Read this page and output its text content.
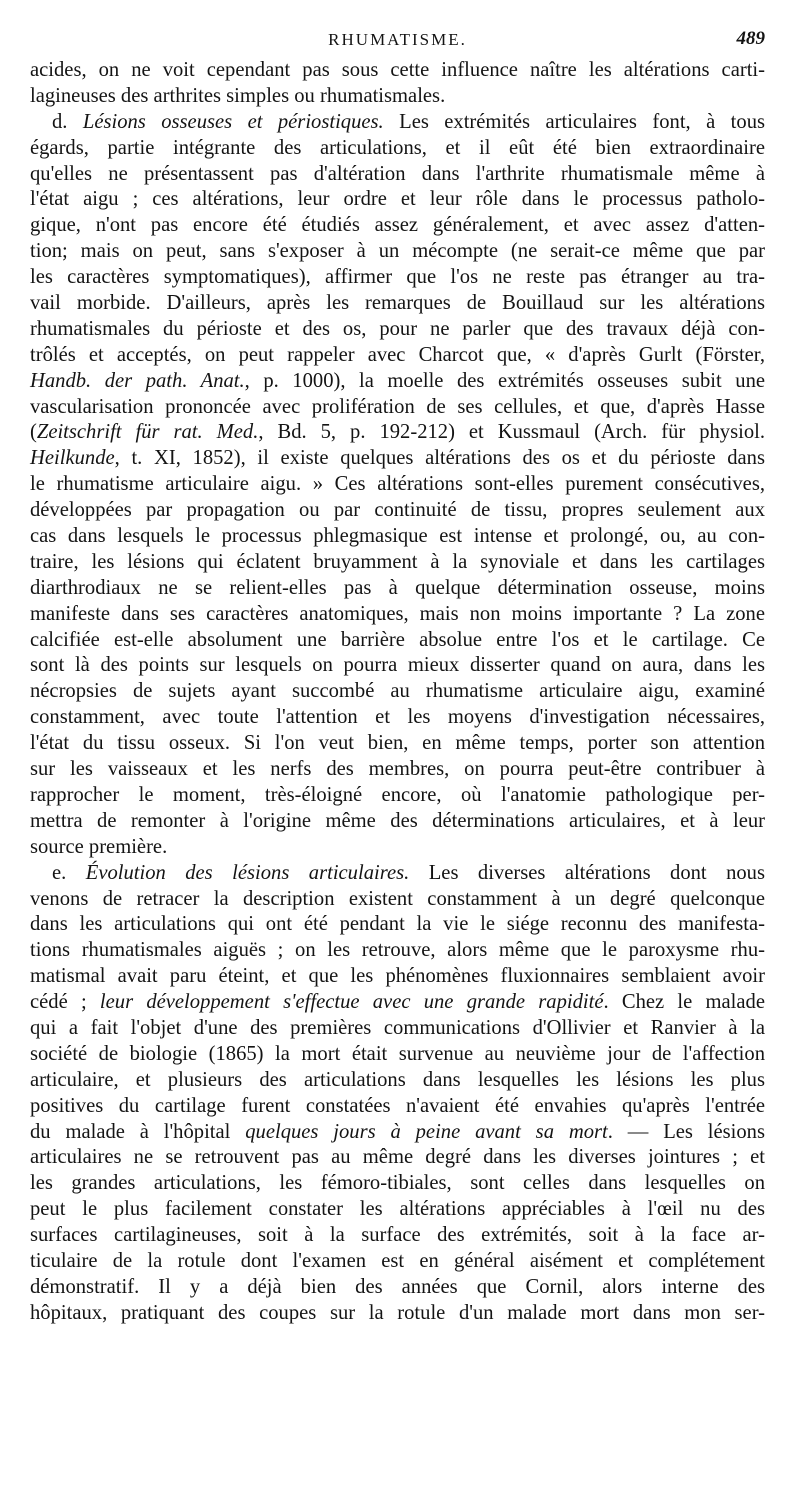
RHUMATISME.	489
acides, on ne voit cependant pas sous cette influence naître les altérations carti-
lagineuses des arthrites simples ou rhumatismales.
d. Lésions osseuses et périostiques. Les extrémités articulaires font, à tous
égards, partie intégrante des articulations, et il eût été bien extraordinaire
qu'elles ne présentassent pas d'altération dans l'arthrite rhumatismale même à
l'état aigu ; ces altérations, leur ordre et leur rôle dans le processus patholo-
gique, n'ont pas encore été étudiés assez généralement, et avec assez d'atten-
tion; mais on peut, sans s'exposer à un mécompte (ne serait-ce même que par
les caractères symptomatiques), affirmer que l'os ne reste pas étranger au tra-
vail morbide. D'ailleurs, après les remarques de Bouillaud sur les altérations
rhumatismales du périoste et des os, pour ne parler que des travaux déjà con-
trôlés et acceptés, on peut rappeler avec Charcot que, « d'après Gurlt (Förster,
Handb. der path. Anat., p. 1000), la moelle des extrémités osseuses subit une
vascularisation prononcée avec prolifération de ses cellules, et que, d'après Hasse
(Zeitschrift für rat. Med., Bd. 5, p. 192-212) et Kussmaul (Arch. für physiol.
Heilkunde, t. XI, 1852), il existe quelques altérations des os et du périoste dans
le rhumatisme articulaire aigu. » Ces altérations sont-elles purement consécutives,
développées par propagation ou par continuité de tissu, propres seulement aux
cas dans lesquels le processus phlegmasique est intense et prolongé, ou, au con-
traire, les lésions qui éclatent bruyamment à la synoviale et dans les cartilages
diarthrodiaux ne se relient-elles pas à quelque détermination osseuse, moins
manifeste dans ses caractères anatomiques, mais non moins importante ? La zone
calcifiée est-elle absolument une barrière absolue entre l'os et le cartilage. Ce
sont là des points sur lesquels on pourra mieux disserter quand on aura, dans les
nécropsies de sujets ayant succombé au rhumatisme articulaire aigu, examiné
constamment, avec toute l'attention et les moyens d'investigation nécessaires,
l'état du tissu osseux. Si l'on veut bien, en même temps, porter son attention
sur les vaisseaux et les nerfs des membres, on pourra peut-être contribuer à
rapprocher le moment, très-éloigné encore, où l'anatomie pathologique per-
mettra de remonter à l'origine même des déterminations articulaires, et à leur
source première.
e. Évolution des lésions articulaires. Les diverses altérations dont nous
venons de retracer la description existent constamment à un degré quelconque
dans les articulations qui ont été pendant la vie le siége reconnu des manifesta-
tions rhumatismales aiguës ; on les retrouve, alors même que le paroxysme rhu-
matismal avait paru éteint, et que les phénomènes fluxionnaires semblaient avoir
cédé ; leur développement s'effectue avec une grande rapidité. Chez le malade
qui a fait l'objet d'une des premières communications d'Ollivier et Ranvier à la
société de biologie (1865) la mort était survenue au neuvième jour de l'affection
articulaire, et plusieurs des articulations dans lesquelles les lésions les plus
positives du cartilage furent constatées n'avaient été envahies qu'après l'entrée
du malade à l'hôpital quelques jours à peine avant sa mort. — Les lésions
articulaires ne se retrouvent pas au même degré dans les diverses jointures ; et
les grandes articulations, les fémoro-tibiales, sont celles dans lesquelles on
peut le plus facilement constater les altérations appréciables à l'œil nu des
surfaces cartilagineuses, soit à la surface des extrémités, soit à la face ar-
ticulaire de la rotule dont l'examen est en général aisément et complétement
démonstratif. Il y a déjà bien des années que Cornil, alors interne des
hôpitaux, pratiquant des coupes sur la rotule d'un malade mort dans mon ser-
